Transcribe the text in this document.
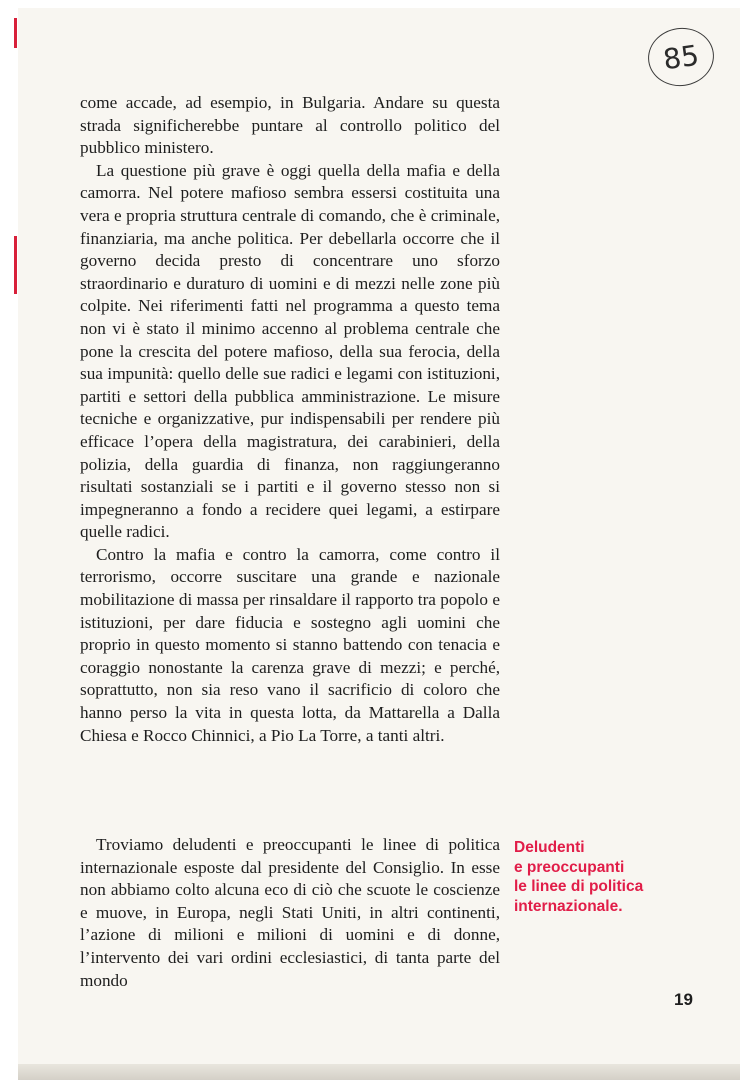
85

come accade, ad esempio, in Bulgaria. Andare su questa strada significherebbe puntare al controllo politico del pubblico ministero.

La questione più grave è oggi quella della mafia e della camorra. Nel potere mafioso sembra essersi costituita una vera e propria struttura centrale di comando, che è criminale, finanziaria, ma anche politica. Per debellarla occorre che il governo decida presto di concentrare uno sforzo straordinario e duraturo di uomini e di mezzi nelle zone più colpite. Nei riferimenti fatti nel programma a questo tema non vi è stato il minimo accenno al problema centrale che pone la crescita del potere mafioso, della sua ferocia, della sua impunità: quello delle sue radici e legami con istituzioni, partiti e settori della pubblica amministrazione. Le misure tecniche e organizzative, pur indispensabili per rendere più efficace l’opera della magistratura, dei carabinieri, della polizia, della guardia di finanza, non raggiungeranno risultati sostanziali se i partiti e il governo stesso non si impegneranno a fondo a recidere quei legami, a estirpare quelle radici.

Contro la mafia e contro la camorra, come contro il terrorismo, occorre suscitare una grande e nazionale mobilitazione di massa per rinsaldare il rapporto tra popolo e istituzioni, per dare fiducia e sostegno agli uomini che proprio in questo momento si stanno battendo con tenacia e coraggio nonostante la carenza grave di mezzi; e perché, soprattutto, non sia reso vano il sacrificio di coloro che hanno perso la vita in questa lotta, da Mattarella a Dalla Chiesa e Rocco Chinnici, a Pio La Torre, a tanti altri.

Troviamo deludenti e preoccupanti le linee di politica internazionale esposte dal presidente del Consiglio. In esse non abbiamo colto alcuna eco di ciò che scuote le coscienze e muove, in Europa, negli Stati Uniti, in altri continenti, l’azione di milioni e milioni di uomini e di donne, l’intervento dei vari ordini ecclesiastici, di tanta parte del mondo

Deludenti
e preoccupanti
le linee di politica
internazionale.
19
